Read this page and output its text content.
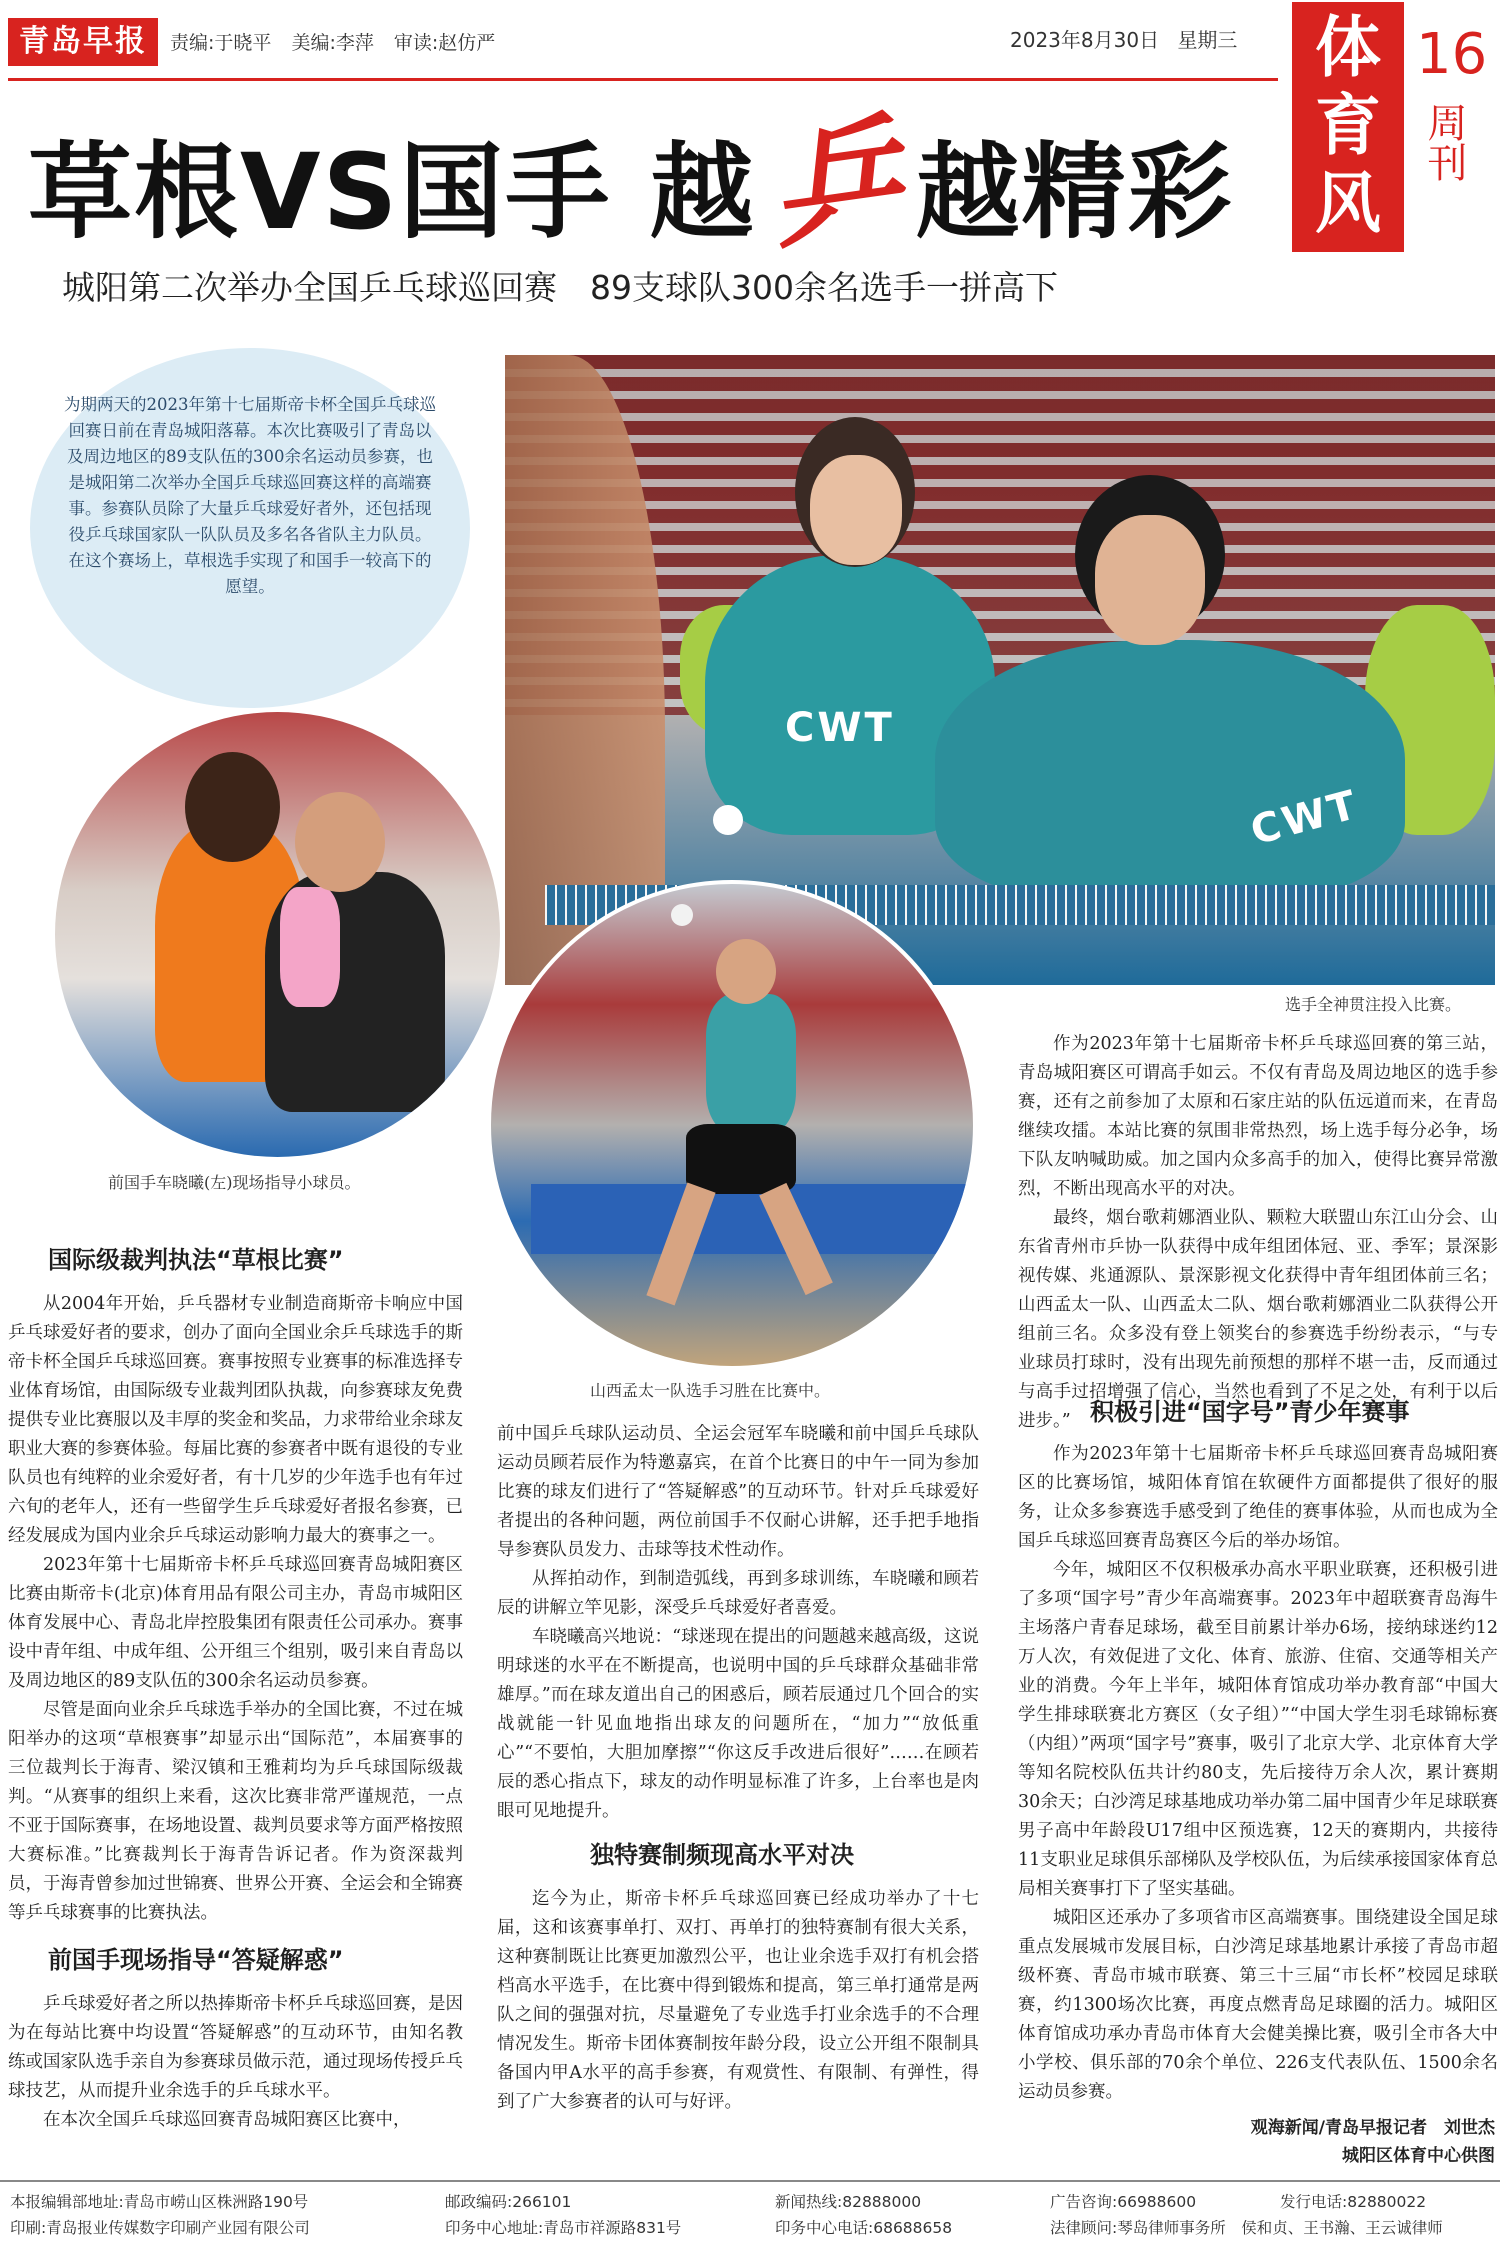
青岛早报	责编:于晓平 美编:李萍 审读:赵仿严	2023年8月30日 星期三	体
育
风
16
周刊
草根VS国手 越乒越精彩
城阳第二次举办全国乒乓球巡回赛　89支球队300余名选手一拼高下
为期两天的2023年第十七届斯帝卡杯全国乒乓球巡回赛日前在青岛城阳落幕。本次比赛吸引了青岛以及周边地区的89支队伍的300余名运动员参赛，也是城阳第二次举办全国乒乓球巡回赛这样的高端赛事。参赛队员除了大量乒乓球爱好者外，还包括现役乒乓球国家队一队队员及多名各省队主力队员。在这个赛场上，草根选手实现了和国手一较高下的愿望。
CWT
CWT
选手全神贯注投入比赛。
前国手车晓曦(左)现场指导小球员。
山西孟太一队选手习胜在比赛中。
国际级裁判执法“草根比赛”

从2004年开始，乒乓器材专业制造商斯帝卡响应中国乒乓球爱好者的要求，创办了面向全国业余乒乓球选手的斯帝卡杯全国乒乓球巡回赛。赛事按照专业赛事的标准选择专业体育场馆，由国际级专业裁判团队执裁，向参赛球友免费提供专业比赛服以及丰厚的奖金和奖品，力求带给业余球友职业大赛的参赛体验。每届比赛的参赛者中既有退役的专业队员也有纯粹的业余爱好者，有十几岁的少年选手也有年过六旬的老年人，还有一些留学生乒乓球爱好者报名参赛，已经发展成为国内业余乒乓球运动影响力最大的赛事之一。

2023年第十七届斯帝卡杯乒乓球巡回赛青岛城阳赛区比赛由斯帝卡(北京)体育用品有限公司主办，青岛市城阳区体育发展中心、青岛北岸控股集团有限责任公司承办。赛事设中青年组、中成年组、公开组三个组别，吸引来自青岛以及周边地区的89支队伍的300余名运动员参赛。

尽管是面向业余乒乓球选手举办的全国比赛，不过在城阳举办的这项“草根赛事”却显示出“国际范”，本届赛事的三位裁判长于海青、梁汉镇和王雅莉均为乒乓球国际级裁判。“从赛事的组织上来看，这次比赛非常严谨规范，一点不亚于国际赛事，在场地设置、裁判员要求等方面严格按照大赛标准。”比赛裁判长于海青告诉记者。作为资深裁判员，于海青曾参加过世锦赛、世界公开赛、全运会和全锦赛等乒乓球赛事的比赛执法。

前国手现场指导“答疑解惑”

乒乓球爱好者之所以热捧斯帝卡杯乒乓球巡回赛，是因为在每站比赛中均设置“答疑解惑”的互动环节，由知名教练或国家队选手亲自为参赛球员做示范，通过现场传授乒乓球技艺，从而提升业余选手的乒乓球水平。

在本次全国乒乓球巡回赛青岛城阳赛区比赛中，

前中国乒乓球队运动员、全运会冠军车晓曦和前中国乒乓球队运动员顾若辰作为特邀嘉宾，在首个比赛日的中午一同为参加比赛的球友们进行了“答疑解惑”的互动环节。针对乒乓球爱好者提出的各种问题，两位前国手不仅耐心讲解，还手把手地指导参赛队员发力、击球等技术性动作。

从挥拍动作，到制造弧线，再到多球训练，车晓曦和顾若辰的讲解立竿见影，深受乒乓球爱好者喜爱。

车晓曦高兴地说：“球迷现在提出的问题越来越高级，这说明球迷的水平在不断提高，也说明中国的乒乓球群众基础非常雄厚。”而在球友道出自己的困惑后，顾若辰通过几个回合的实战就能一针见血地指出球友的问题所在，“加力”“放低重心”“不要怕，大胆加摩擦”“你这反手改进后很好”……在顾若辰的悉心指点下，球友的动作明显标准了许多，上台率也是肉眼可见地提升。

独特赛制频现高水平对决

迄今为止，斯帝卡杯乒乓球巡回赛已经成功举办了十七届，这和该赛事单打、双打、再单打的独特赛制有很大关系，这种赛制既让比赛更加激烈公平，也让业余选手双打有机会搭档高水平选手，在比赛中得到锻炼和提高，第三单打通常是两队之间的强强对抗，尽量避免了专业选手打业余选手的不合理情况发生。斯帝卡团体赛制按年龄分段，设立公开组不限制具备国内甲A水平的高手参赛，有观赏性、有限制、有弹性，得到了广大参赛者的认可与好评。

作为2023年第十七届斯帝卡杯乒乓球巡回赛的第三站，青岛城阳赛区可谓高手如云。不仅有青岛及周边地区的选手参赛，还有之前参加了太原和石家庄站的队伍远道而来，在青岛继续攻擂。本站比赛的氛围非常热烈，场上选手每分必争，场下队友呐喊助威。加之国内众多高手的加入，使得比赛异常激烈，不断出现高水平的对决。

最终，烟台歌莉娜酒业队、颗粒大联盟山东江山分会、山东省青州市乒协一队获得中成年组团体冠、亚、季军；景深影视传媒、兆通源队、景深影视文化获得中青年组团体前三名；山西孟太一队、山西孟太二队、烟台歌莉娜酒业二队获得公开组前三名。众多没有登上领奖台的参赛选手纷纷表示，“与专业球员打球时，没有出现先前预想的那样不堪一击，反而通过与高手过招增强了信心，当然也看到了不足之处，有利于以后进步。” 积极引进“国字号”青少年赛事

作为2023年第十七届斯帝卡杯乒乓球巡回赛青岛城阳赛区的比赛场馆，城阳体育馆在软硬件方面都提供了很好的服务，让众多参赛选手感受到了绝佳的赛事体验，从而也成为全国乒乓球巡回赛青岛赛区今后的举办场馆。

今年，城阳区不仅积极承办高水平职业联赛，还积极引进了多项“国字号”青少年高端赛事。2023年中超联赛青岛海牛主场落户青春足球场，截至目前累计举办6场，接纳球迷约12万人次，有效促进了文化、体育、旅游、住宿、交通等相关产业的消费。今年上半年，城阳体育馆成功举办教育部“中国大学生排球联赛北方赛区（女子组）”“中国大学生羽毛球锦标赛（内组）”两项“国字号”赛事，吸引了北京大学、北京体育大学等知名院校队伍共计约80支，先后接待万余人次，累计赛期30余天；白沙湾足球基地成功举办第二届中国青少年足球联赛男子高中年龄段U17组中区预选赛，12天的赛期内，共接待11支职业足球俱乐部梯队及学校队伍，为后续承接国家体育总局相关赛事打下了坚实基础。

城阳区还承办了多项省市区高端赛事。围绕建设全国足球重点发展城市发展目标，白沙湾足球基地累计承接了青岛市超级杯赛、青岛市城市联赛、第三十三届“市长杯”校园足球联赛，约1300场次比赛，再度点燃青岛足球圈的活力。城阳区体育馆成功承办青岛市体育大会健美操比赛，吸引全市各大中小学校、俱乐部的70余个单位、226支代表队伍、1500余名运动员参赛。

观海新闻/青岛早报记者　刘世杰
城阳区体育中心供图
本报编辑部地址:青岛市崂山区株洲路190号	邮政编码:266101	新闻热线:82888000	广告咨询:66988600	发行电话:82880022
印刷:青岛报业传媒数字印刷产业园有限公司	印务中心地址:青岛市祥源路831号	印务中心电话:68688658	法律顾问:琴岛律师事务所　侯和贞、王书瀚、王云诚律师
